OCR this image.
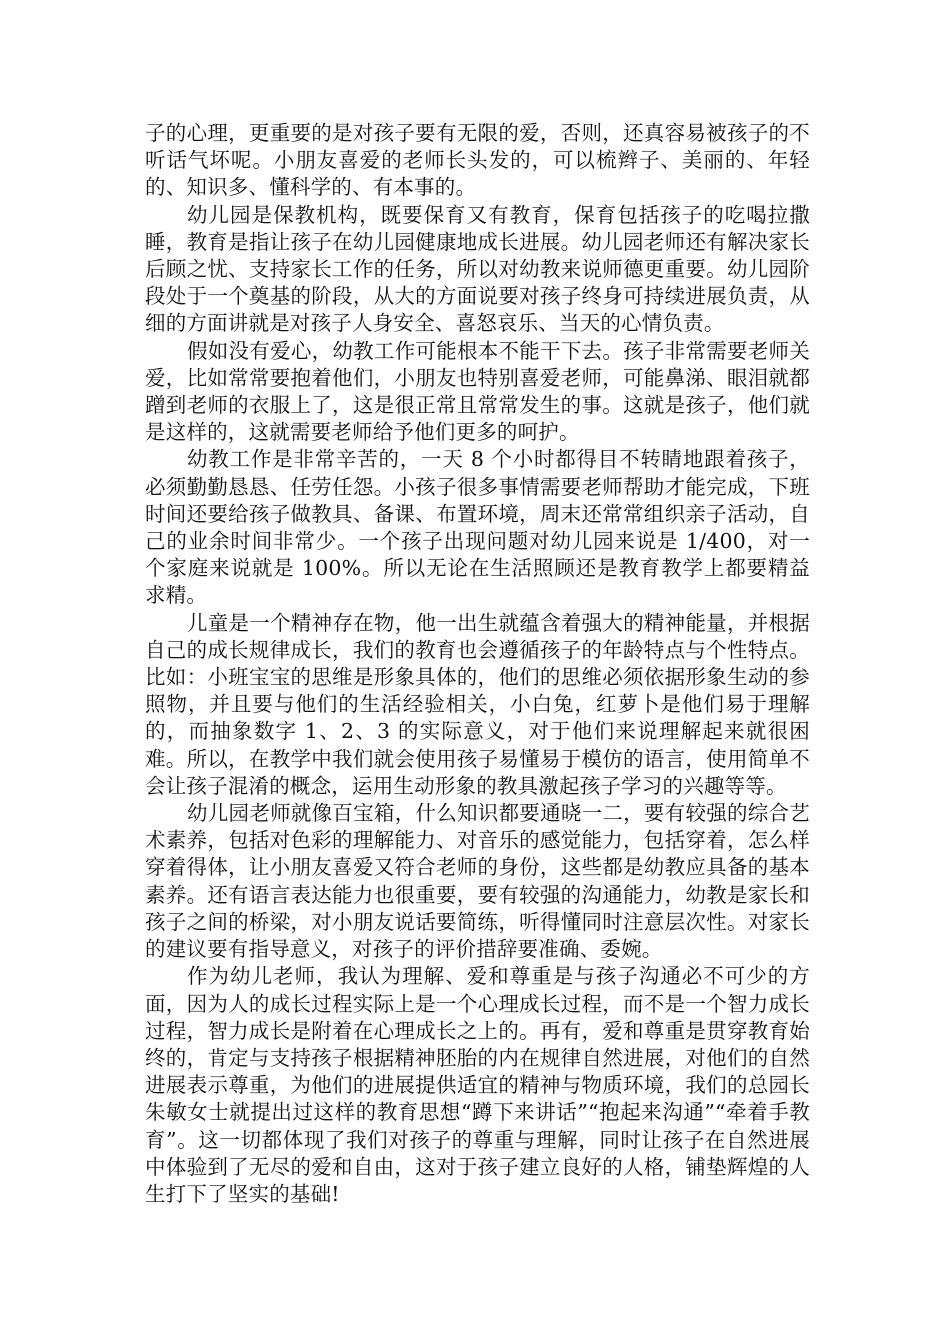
子的心理，更重要的是对孩子要有无限的爱，否则，还真容易被孩子的不听话气坏呢。小朋友喜爱的老师长头发的，可以梳辫子、美丽的、年轻的、知识多、懂科学的、有本事的。

幼儿园是保教机构，既要保育又有教育，保育包括孩子的吃喝拉撒睡，教育是指让孩子在幼儿园健康地成长进展。幼儿园老师还有解决家长后顾之忧、支持家长工作的任务，所以对幼教来说师德更重要。幼儿园阶段处于一个奠基的阶段，从大的方面说要对孩子终身可持续进展负责，从细的方面讲就是对孩子人身安全、喜怒哀乐、当天的心情负责。

假如没有爱心，幼教工作可能根本不能干下去。孩子非常需要老师关爱，比如常常要抱着他们，小朋友也特别喜爱老师，可能鼻涕、眼泪就都蹭到老师的衣服上了，这是很正常且常常发生的事。这就是孩子，他们就是这样的，这就需要老师给予他们更多的呵护。

幼教工作是非常辛苦的，一天 8 个小时都得目不转睛地跟着孩子，必须勤勤恳恳、任劳任怨。小孩子很多事情需要老师帮助才能完成，下班时间还要给孩子做教具、备课、布置环境，周末还常常组织亲子活动，自己的业余时间非常少。一个孩子出现问题对幼儿园来说是 1/400，对一个家庭来说就是 100%。所以无论在生活照顾还是教育教学上都要精益求精。

儿童是一个精神存在物，他一出生就蕴含着强大的精神能量，并根据自己的成长规律成长，我们的教育也会遵循孩子的年龄特点与个性特点。比如：小班宝宝的思维是形象具体的，他们的思维必须依据形象生动的参照物，并且要与他们的生活经验相关，小白兔，红萝卜是他们易于理解的，而抽象数字 1、2、3 的实际意义，对于他们来说理解起来就很困难。所以，在教学中我们就会使用孩子易懂易于模仿的语言，使用简单不会让孩子混淆的概念，运用生动形象的教具激起孩子学习的兴趣等等。

幼儿园老师就像百宝箱，什么知识都要通晓一二，要有较强的综合艺术素养，包括对色彩的理解能力、对音乐的感觉能力，包括穿着，怎么样穿着得体，让小朋友喜爱又符合老师的身份，这些都是幼教应具备的基本素养。还有语言表达能力也很重要，要有较强的沟通能力，幼教是家长和孩子之间的桥梁，对小朋友说话要简练，听得懂同时注意层次性。对家长的建议要有指导意义，对孩子的评价措辞要准确、委婉。

作为幼儿老师，我认为理解、爱和尊重是与孩子沟通必不可少的方面，因为人的成长过程实际上是一个心理成长过程，而不是一个智力成长过程，智力成长是附着在心理成长之上的。再有，爱和尊重是贯穿教育始终的，肯定与支持孩子根据精神胚胎的内在规律自然进展，对他们的自然进展表示尊重，为他们的进展提供适宜的精神与物质环境，我们的总园长朱敏女士就提出过这样的教育思想“蹲下来讲话”“抱起来沟通”“牵着手教育”。这一切都体现了我们对孩子的尊重与理解，同时让孩子在自然进展中体验到了无尽的爱和自由，这对于孩子建立良好的人格，铺垫辉煌的人生打下了坚实的基础!
